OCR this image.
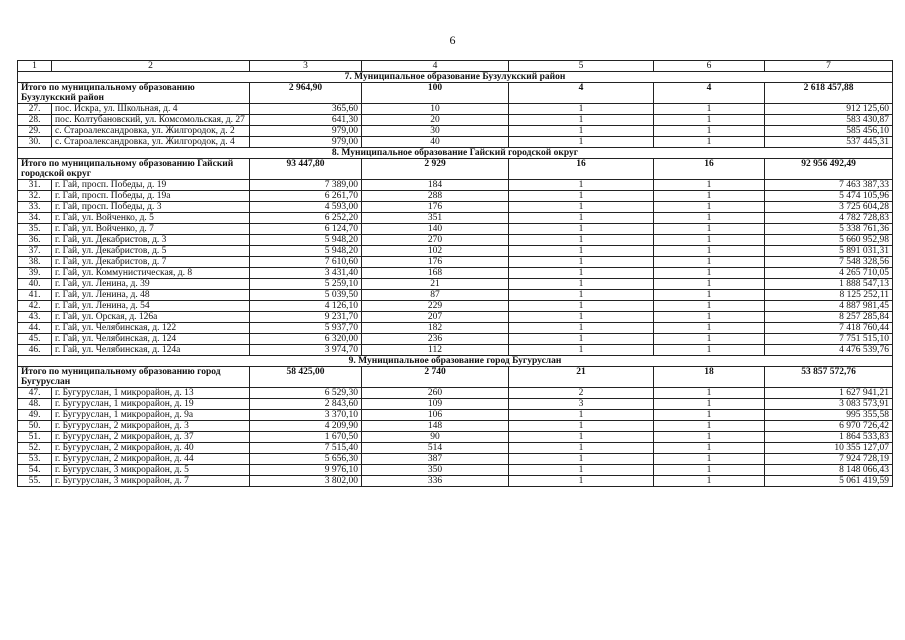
6
1	2	3	4	5	6	7
7. Муниципальное образование Бузулукский район						
Итого по муниципальному образованию Бузулукский район		2 964,90	100	4	4	2 618 457,88
27.	пос. Искра, ул. Школьная, д. 4	365,60	10	1	1	912 125,60
28.	пос. Колтубановский, ул. Комсомольская, д. 27	641,30	20	1	1	583 430,87
29.	с. Староалександровка, ул. Жилгородок, д. 2	979,00	30	1	1	585 456,10
30.	с. Староалександровка, ул. Жилгородок, д. 4	979,00	40	1	1	537 445,31
8. Муниципальное образование Гайский городской округ						
Итого по муниципальному образованию Гайский городской округ		93 447,80	2 929	16	16	92 956 492,49
31.	г. Гай, просп. Победы, д. 19	7 389,00	184	1	1	7 463 387,33
32.	г. Гай, просп. Победы, д. 19а	6 261,70	288	1	1	5 474 105,96
33.	г. Гай, просп. Победы, д. 3	4 593,00	176	1	1	3 725 604,28
34.	г. Гай, ул. Войченко, д. 5	6 252,20	351	1	1	4 782 728,83
35.	г. Гай, ул. Войченко, д. 7	6 124,70	140	1	1	5 338 761,36
36.	г. Гай, ул. Декабристов, д. 3	5 948,20	270	1	1	5 660 952,98
37.	г. Гай, ул. Декабристов, д. 5	5 948,20	102	1	1	5 891 031,31
38.	г. Гай, ул. Декабристов, д. 7	7 610,60	176	1	1	7 548 328,56
39.	г. Гай, ул. Коммунистическая, д. 8	3 431,40	168	1	1	4 265 710,05
40.	г. Гай, ул. Ленина, д. 39	5 259,10	21	1	1	1 888 547,13
41.	г. Гай, ул. Ленина, д. 48	5 039,50	87	1	1	8 125 252,11
42.	г. Гай, ул. Ленина, д. 54	4 126,10	229	1	1	4 887 981,45
43.	г. Гай, ул. Орская, д. 126а	9 231,70	207	1	1	8 257 285,84
44.	г. Гай, ул. Челябинская, д. 122	5 937,70	182	1	1	7 418 760,44
45.	г. Гай, ул. Челябинская, д. 124	6 320,00	236	1	1	7 751 515,10
46.	г. Гай, ул. Челябинская, д. 124а	3 974,70	112	1	1	4 476 539,76
9. Муниципальное образование город Бугуруслан						
Итого по муниципальному образованию город Бугуруслан		58 425,00	2 740	21	18	53 857 572,76
47.	г. Бугуруслан, 1 микрорайон, д. 13	6 529,30	260	2	1	1 627 941,21
48.	г. Бугуруслан, 1 микрорайон, д. 19	2 843,60	109	3	1	3 083 573,91
49.	г. Бугуруслан, 1 микрорайон, д. 9а	3 370,10	106	1	1	995 355,58
50.	г. Бугуруслан, 2 микрорайон, д. 3	4 209,90	148	1	1	6 970 726,42
51.	г. Бугуруслан, 2 микрорайон, д. 37	1 670,50	90	1	1	1 864 533,83
52.	г. Бугуруслан, 2 микрорайон, д. 40	7 515,40	514	1	1	10 355 127,07
53.	г. Бугуруслан, 2 микрорайон, д. 44	5 656,30	387	1	1	7 924 728,19
54.	г. Бугуруслан, 3 микрорайон, д. 5	9 976,10	350	1	1	8 148 066,43
55.	г. Бугуруслан, 3 микрорайон, д. 7	3 802,00	336	1	1	5 061 419,59
